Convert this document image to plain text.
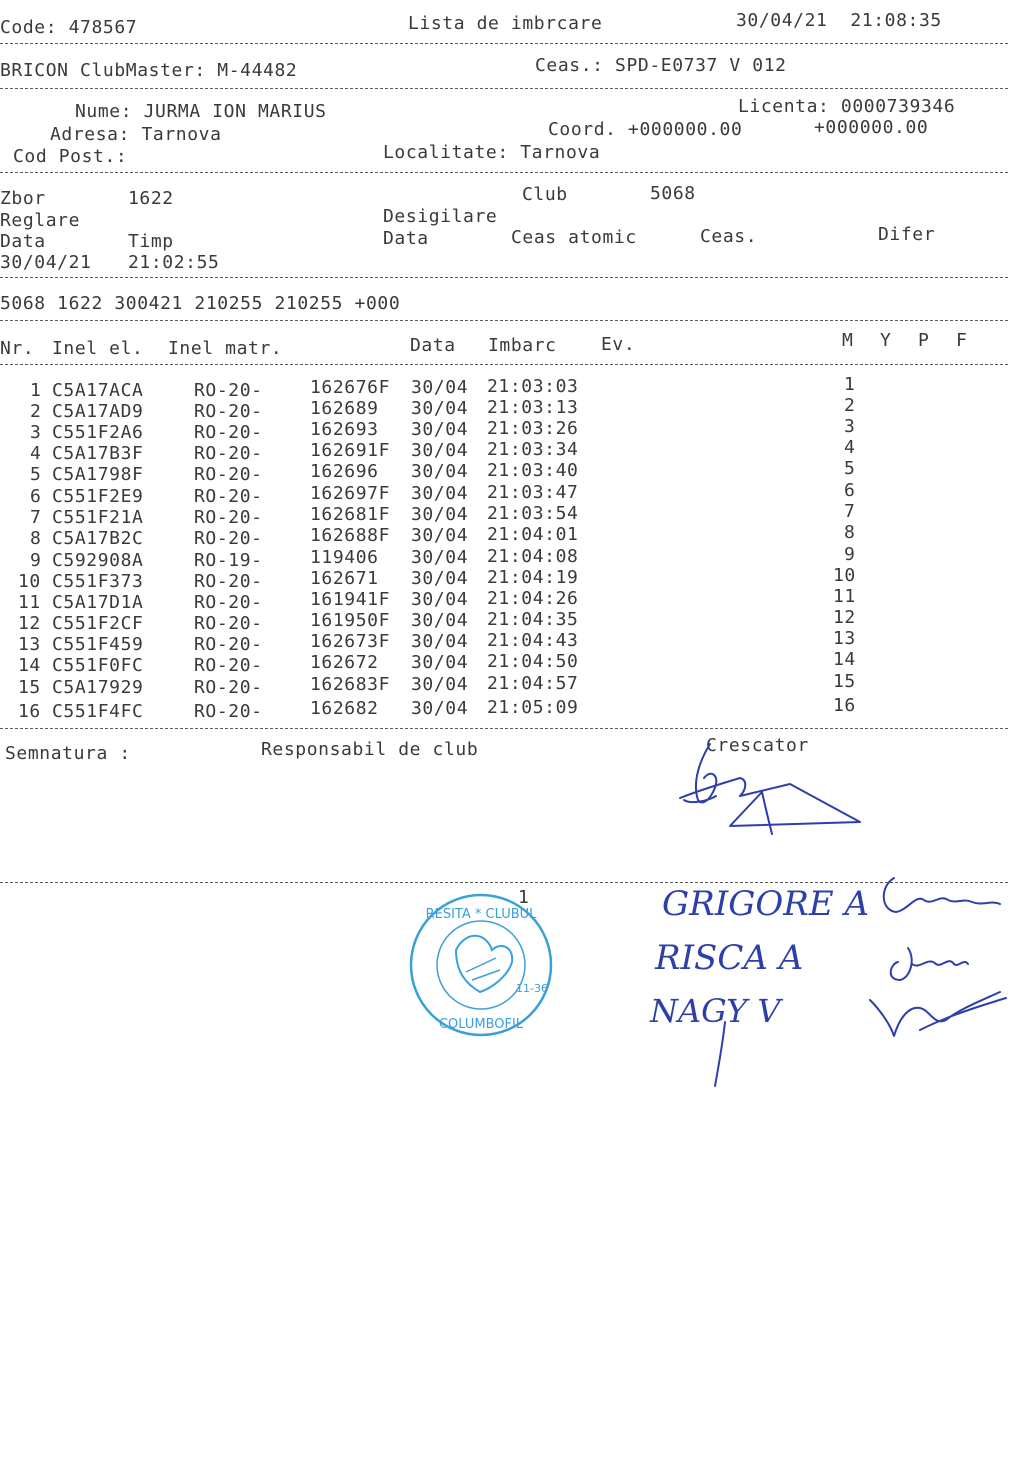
Code: 478567	Lista de imbrcare	30/04/21  21:08:35
BRICON ClubMaster: M-44482	Ceas.: SPD-E0737 V 012
Nume: JURMA ION MARIUS	Licenta: 0000739346
Adresa: Tarnova	Coord. +000000.00	+000000.00
Cod Post.:	Localitate: Tarnova
Zbor	1622	Club	5068
Reglare	Desigilare
Data	Timp	Data	Ceas atomic	Ceas.	Difer
30/04/21 21:02:55
5068 1622 300421 210255 210255 +000
Nr. Inel el. Inel matr.	Data Imbarc Ev.	M Y P F
1 C5A17ACA	RO-20-	162676F 30/04 21:03:03	1
2 C5A17AD9	RO-20-	162689 30/04 21:03:13	2
3 C551F2A6	RO-20-	162693 30/04 21:03:26	3
4 C5A17B3F	RO-20-	162691F 30/04 21:03:34	4
5 C5A1798F	RO-20-	162696 30/04 21:03:40	5
6 C551F2E9	RO-20-	162697F 30/04 21:03:47	6
7 C551F21A	RO-20-	162681F 30/04 21:03:54	7
8 C5A17B2C	RO-20-	162688F 30/04 21:04:01	8
9 C592908A	RO-19-	119406 30/04 21:04:08	9
10 C551F373	RO-20-	162671 30/04 21:04:19	10
11 C5A17D1A	RO-20-	161941F 30/04 21:04:26	11
12 C551F2CF	RO-20-	161950F 30/04 21:04:35	12
13 C551F459	RO-20-	162673F 30/04 21:04:43	13
14 C551F0FC	RO-20-	162672 30/04 21:04:50	14
15 C5A17929	RO-20-	162683F 30/04 21:04:57	15
16 C551F4FC	RO-20-	162682 30/04 21:05:09	16
Semnatura :	Responsabil de club	Crescator
1
RESITA * CLUBUL
COLUMBOFIL
11-36
GRIGORE A
RISCA A
NAGY V
